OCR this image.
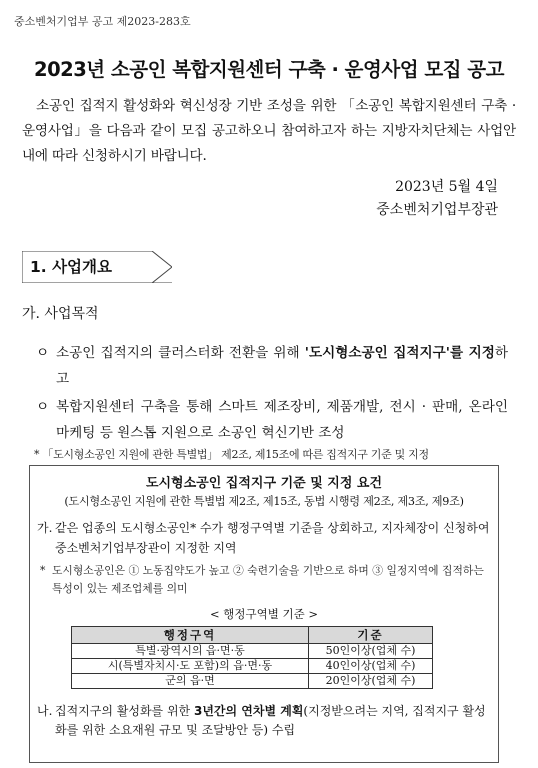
중소벤처기업부 공고 제2023-283호
2023년 소공인 복합지원센터 구축 · 운영사업 모집 공고
소공인 집적지 활성화와 혁신성장 기반 조성을 위한 「소공인 복합지원센터 구축 · 운영사업」을 다음과 같이 모집 공고하오니 참여하고자 하는 지방자치단체는 사업안내에 따라 신청하시기 바랍니다.
2023년 5월 4일
중소벤처기업부장관
1. 사업개요
가. 사업목적
ㅇ 소공인 집적지의 클러스터화 전환을 위해 '도시형소공인 집적지구'를 지정하고
ㅇ 복합지원센터 구축을 통해 스마트 제조장비, 제품개발, 전시 · 판매, 온라인 마케팅 등 원스톱 지원으로 소공인 혁신기반 조성
* 「도시형소공인 지원에 관한 특별법」 제2조, 제15조에 따른 집적지구 기준 및 지정
도시형소공인 집적지구 기준 및 지정 요건
(도시형소공인 지원에 관한 특별법 제2조, 제15조, 동법 시행령 제2조, 제3조, 제9조)
가. 같은 업종의 도시형소공인* 수가 행정구역별 기준을 상회하고, 지자체장이 신청하여 중소벤처기업부장관이 지정한 지역
* 도시형소공인은 ① 노동집약도가 높고 ② 숙련기술을 기반으로 하며 ③ 일정지역에 집적하는 특성이 있는 제조업체를 의미
< 행정구역별 기준 >
행정구역	기준
특별·광역시의 읍·면·동	50인이상(업체 수)
시(특별자치시·도 포함)의 읍·면·동	40인이상(업체 수)
군의 읍·면	20인이상(업체 수)
나. 집적지구의 활성화를 위한 3년간의 연차별 계획(지정받으려는 지역, 집적지구 활성화를 위한 소요재원 규모 및 조달방안 등) 수립
